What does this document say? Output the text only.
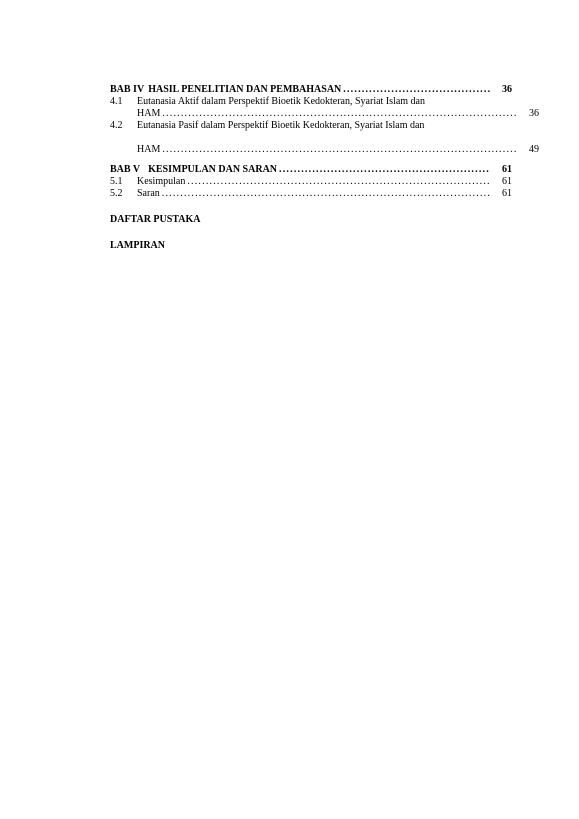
BAB IV HASIL PENELITIAN DAN PEMBAHASAN .....	36
4.1	Eutanasia Aktif dalam Perspektif Bioetik Kedokteran, Syariat Islam dan
HAM .....	36
4.2	Eutanasia Pasif dalam Perspektif Bioetik Kedokteran, Syariat Islam dan
HAM .....	49
BAB V KESIMPULAN DAN SARAN .....	61
5.1	Kesimpulan .....	61
5.2	Saran .....	61
DAFTAR PUSTAKA
LAMPIRAN
